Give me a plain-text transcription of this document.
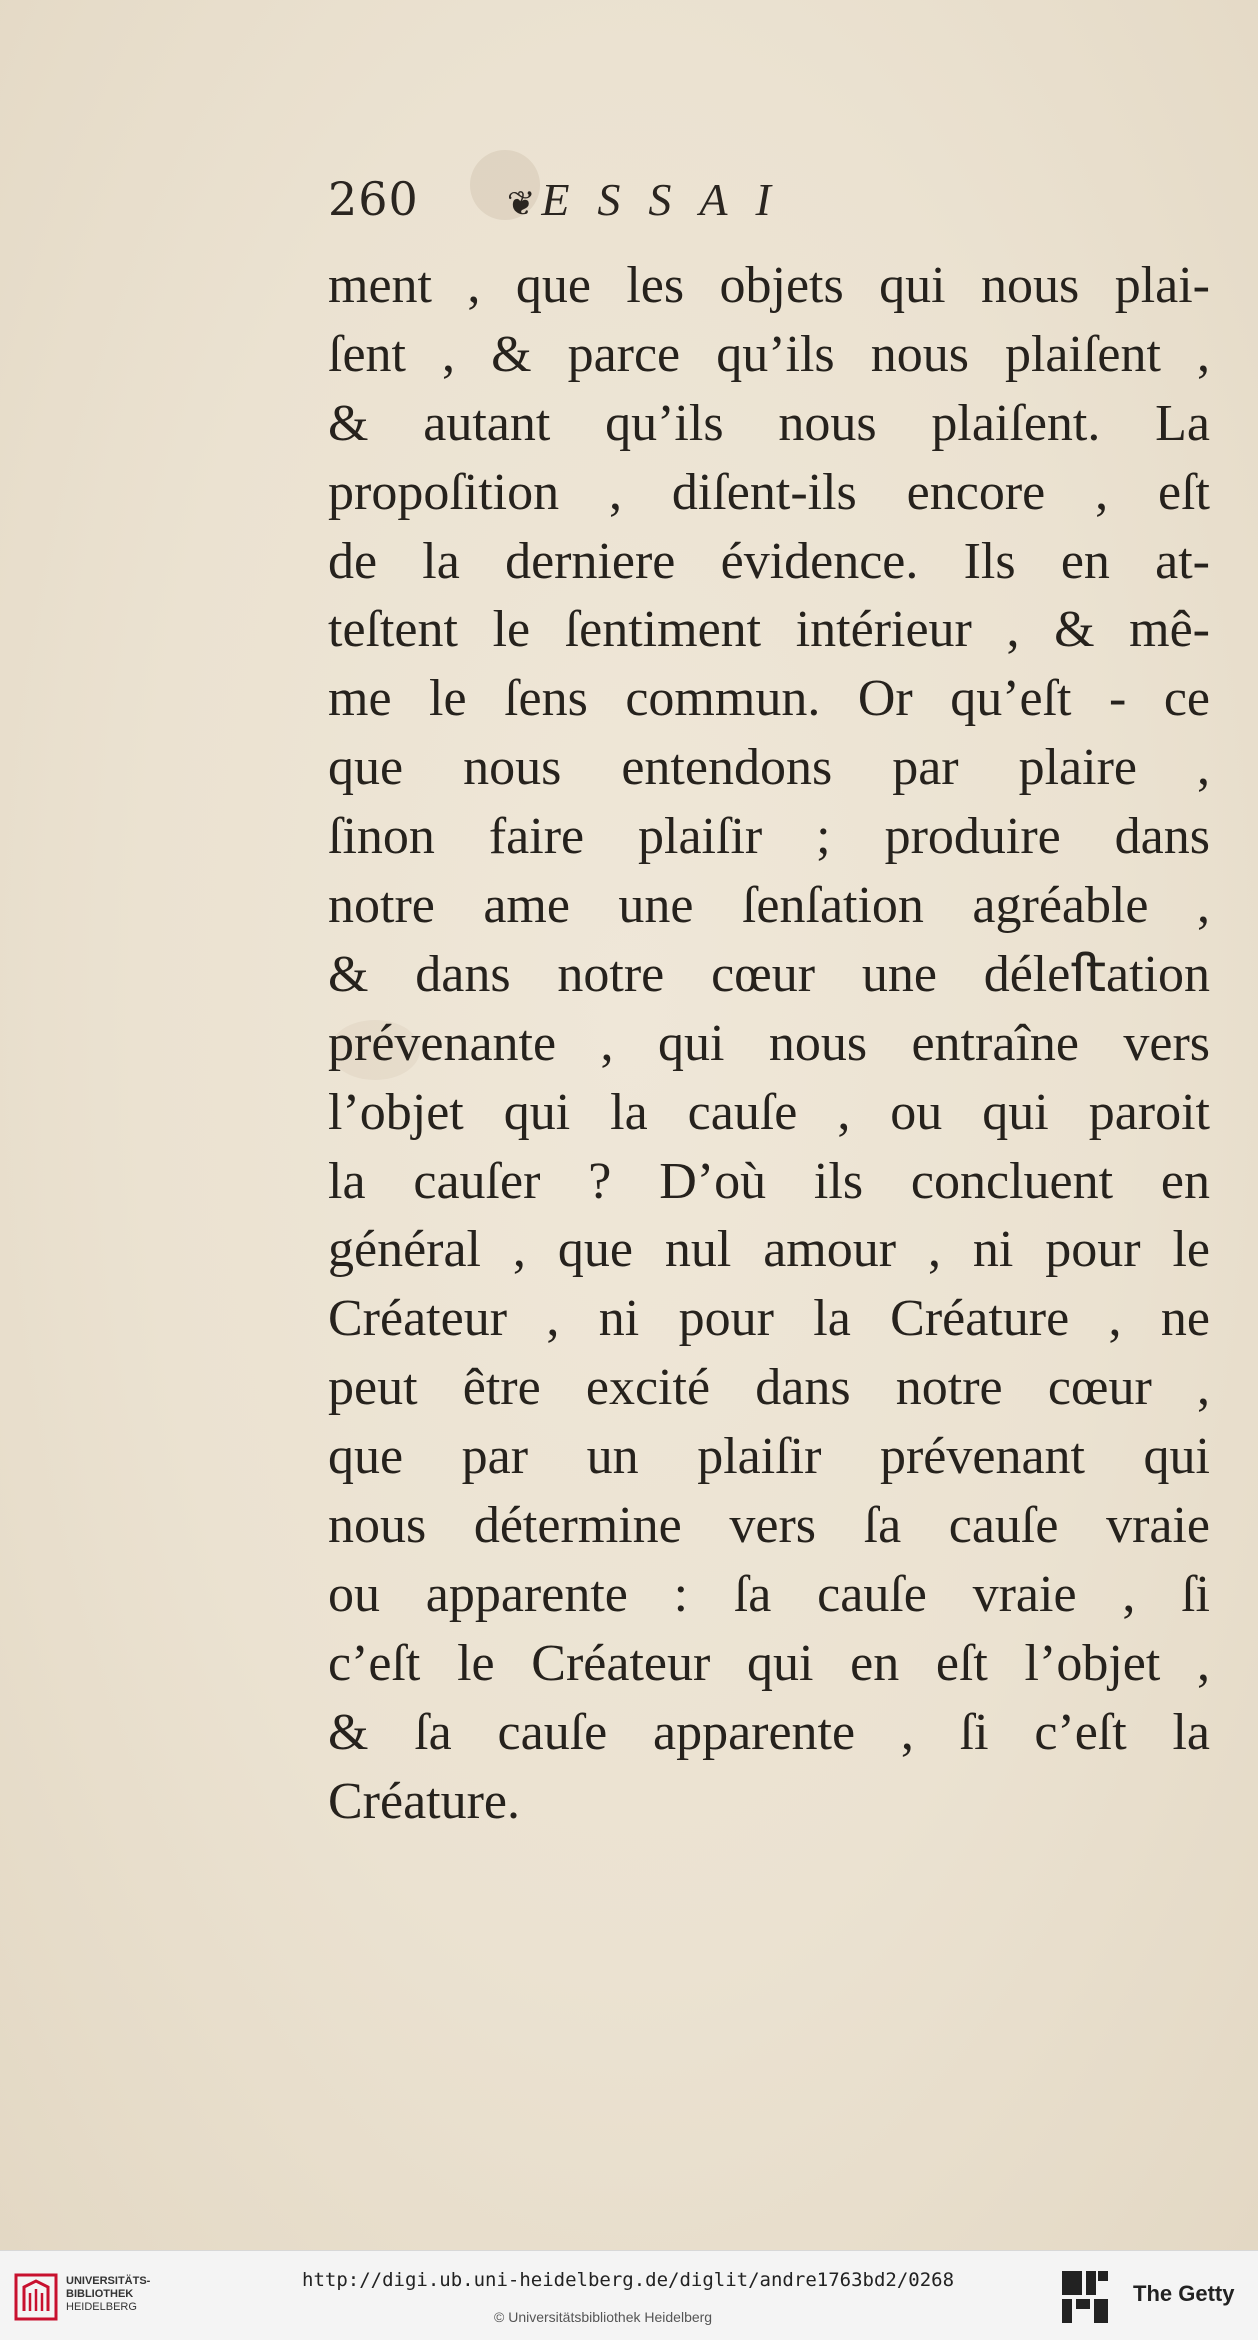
260	❦ ESSAI
ment , que les objets qui nous plai-
ſent , & parce qu’ils nous plaiſent ,
& autant qu’ils nous plaiſent. La
propoſition , diſent-ils encore , eſt
de la derniere évidence. Ils en at-
teſtent le ſentiment intérieur , & mê-
me le ſens commun. Or qu’eſt - ce
que nous entendons par plaire ,
ſinon faire plaiſir ; produire dans
notre ame une ſenſation agréable ,
& dans notre cœur une déleﬅation
prévenante , qui nous entraîne vers
l’objet qui la cauſe , ou qui paroit
la cauſer ? D’où ils concluent en
général , que nul amour , ni pour le
Créateur , ni pour la Créature , ne
peut être excité dans notre cœur ,
que par un plaiſir prévenant qui
nous détermine vers ſa cauſe vraie
ou apparente : ſa cauſe vraie , ſi
c’eſt le Créateur qui en eſt l’objet ,
& ſa cauſe apparente , ſi c’eſt la
Créature.
UNIVERSITÄTS-
BIBLIOTHEK
HEIDELBERG
http://digi.ub.uni-heidelberg.de/diglit/andre1763bd2/0268
© Universitätsbibliothek Heidelberg
The Getty
